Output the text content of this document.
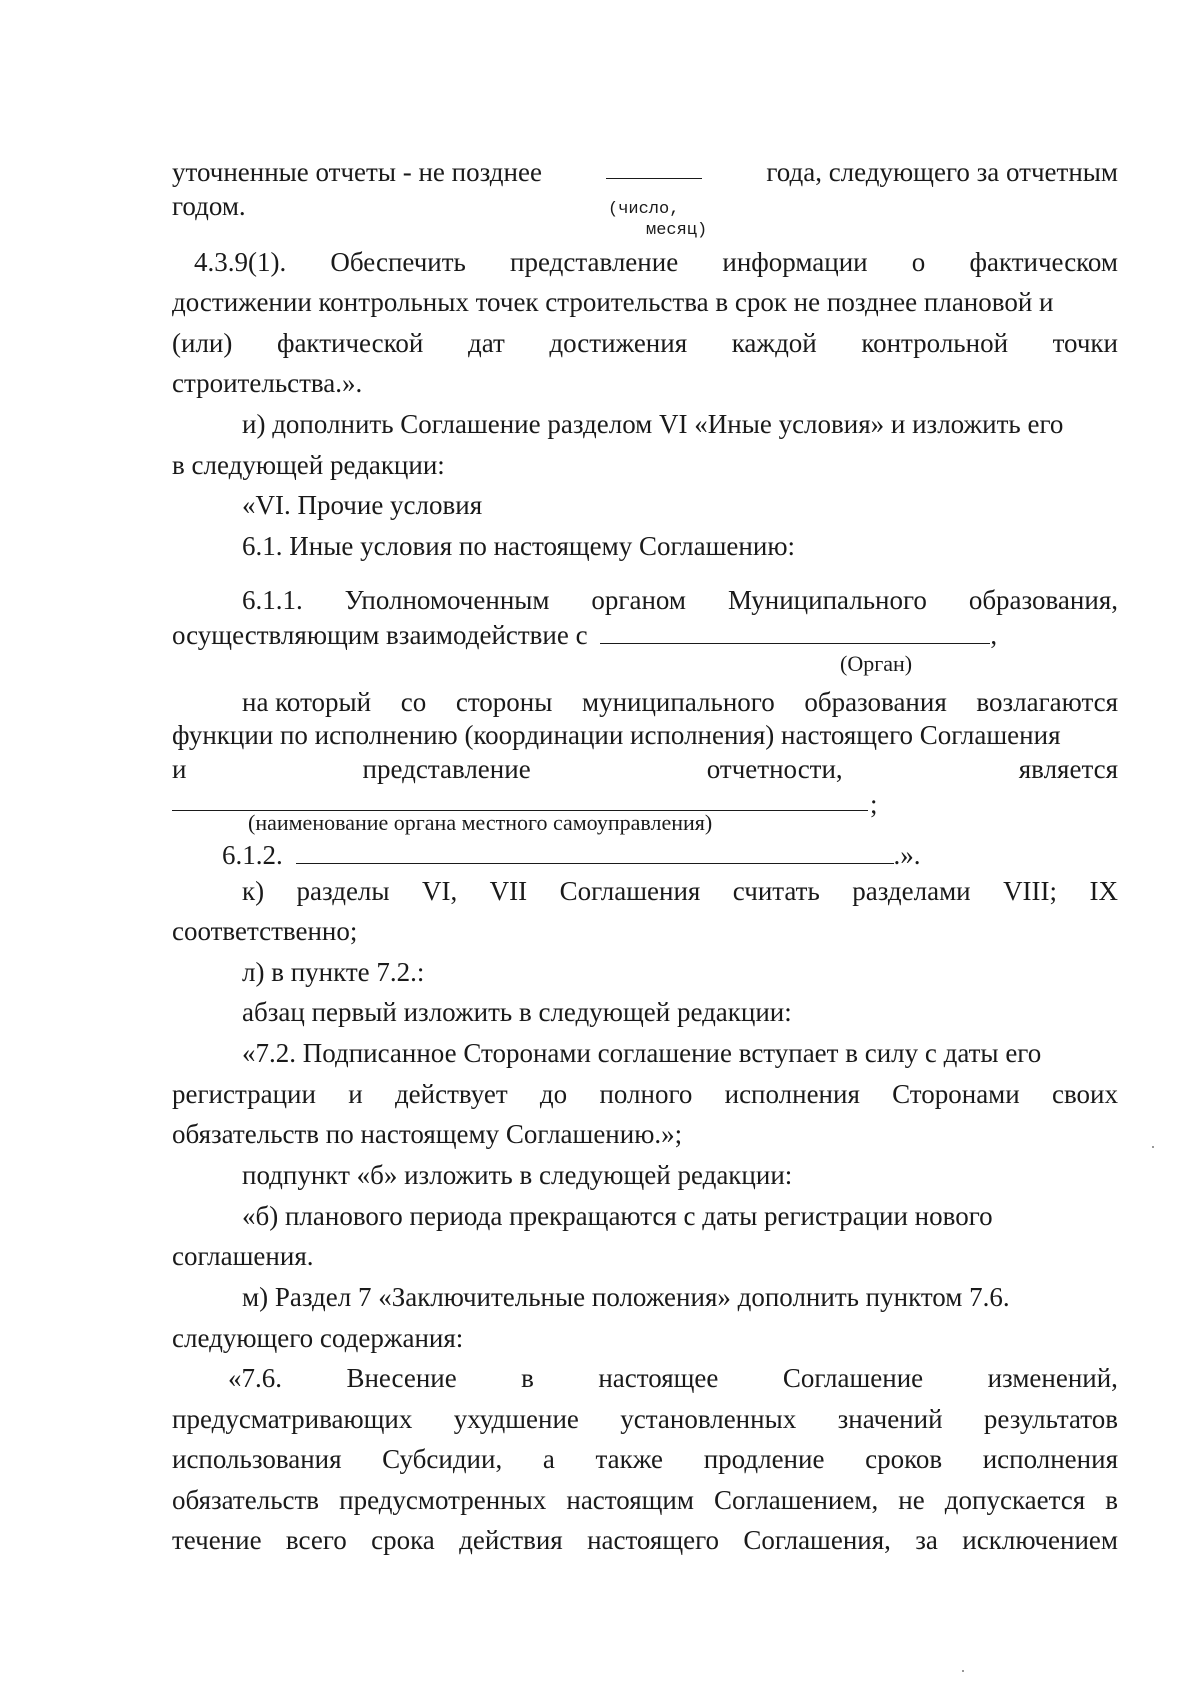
уточненные отчеты - не позднее	года, следующего за отчетным
годом.	(число,
месяц)
4.3.9(1). Обеспечить представление информации о фактическом
достижении контрольных точек строительства в срок не позднее плановой и
(или) фактической дат достижения каждой контрольной точки
строительства.».
и) дополнить Соглашение разделом VI «Иные условия» и изложить его
в следующей редакции:
«VI. Прочие условия
6.1. Иные условия по настоящему Соглашению:
6.1.1. Уполномоченным органом Муниципального образования,
осуществляющим взаимодействие с	,
(Орган)
на который со стороны муниципального образования возлагаются
функции по исполнению (координации исполнения) настоящего Соглашения
и	представление	отчетности,	является
;
(наименование органа местного самоуправления)
6.1.2.	.».
к) разделы VI, VII Соглашения считать разделами VIII; IX
соответственно;
л) в пункте 7.2.:
абзац первый изложить в следующей редакции:
«7.2. Подписанное Сторонами соглашение вступает в силу с даты его
регистрации и действует до полного исполнения Сторонами своих
обязательств по настоящему Соглашению.»;
подпункт «б» изложить в следующей редакции:
«б) планового периода прекращаются с даты регистрации нового
соглашения.
м) Раздел 7 «Заключительные положения» дополнить пунктом 7.6.
следующего содержания:
«7.6. Внесение в настоящее Соглашение изменений,
предусматривающих ухудшение установленных значений результатов
использования Субсидии, а также продление сроков исполнения
обязательств предусмотренных настоящим Соглашением, не допускается в
течение всего срока действия настоящего Соглашения, за исключением
